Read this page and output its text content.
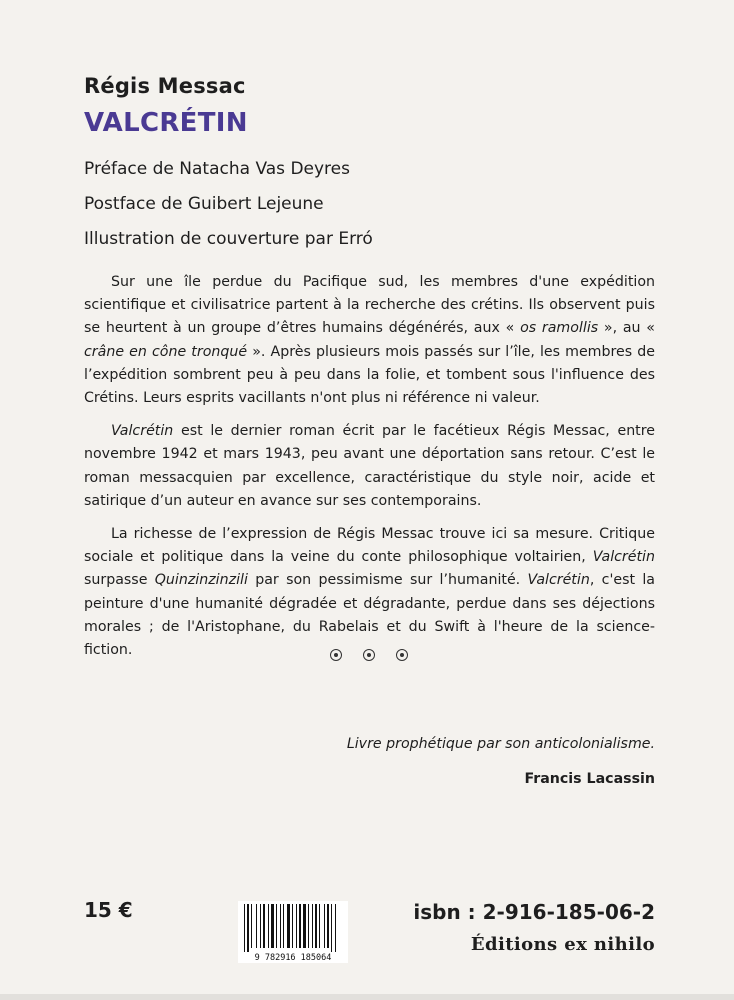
Régis Messac
VALCRÉTIN
Préface de Natacha Vas Deyres
Postface de Guibert Lejeune
Illustration de couverture par Erró

Sur une île perdue du Pacifique sud, les membres d'une expédition scientifique et civilisatrice partent à la recherche des crétins. Ils observent puis se heurtent à un groupe d’êtres humains dégénérés, aux « os ramollis », au « crâne en cône tronqué ». Après plusieurs mois passés sur l’île, les membres de l’expédition sombrent peu à peu dans la folie, et tombent sous l'influence des Crétins. Leurs esprits vacillants n'ont plus ni référence ni valeur.

Valcrétin est le dernier roman écrit par le facétieux Régis Messac, entre novembre 1942 et mars 1943, peu avant une déportation sans retour. C’est le roman messacquien par excellence, caractéristique du style noir, acide et satirique d’un auteur en avance sur ses contemporains.

La richesse de l’expression de Régis Messac trouve ici sa mesure. Critique sociale et politique dans la veine du conte philosophique voltairien, Valcrétin surpasse Quinzinzinzili par son pessimisme sur l’humanité. Valcrétin, c'est la peinture d'une humanité dégradée et dégradante, perdue dans ses déjections morales ; de l'Aristophane, du Rabelais et du Swift à l'heure de la science-fiction.

Livre prophétique par son anticolonialisme.
Francis Lacassin
15 €
9 782916 185064
isbn : 2-916-185-06-2
Éditions ex nihilo
